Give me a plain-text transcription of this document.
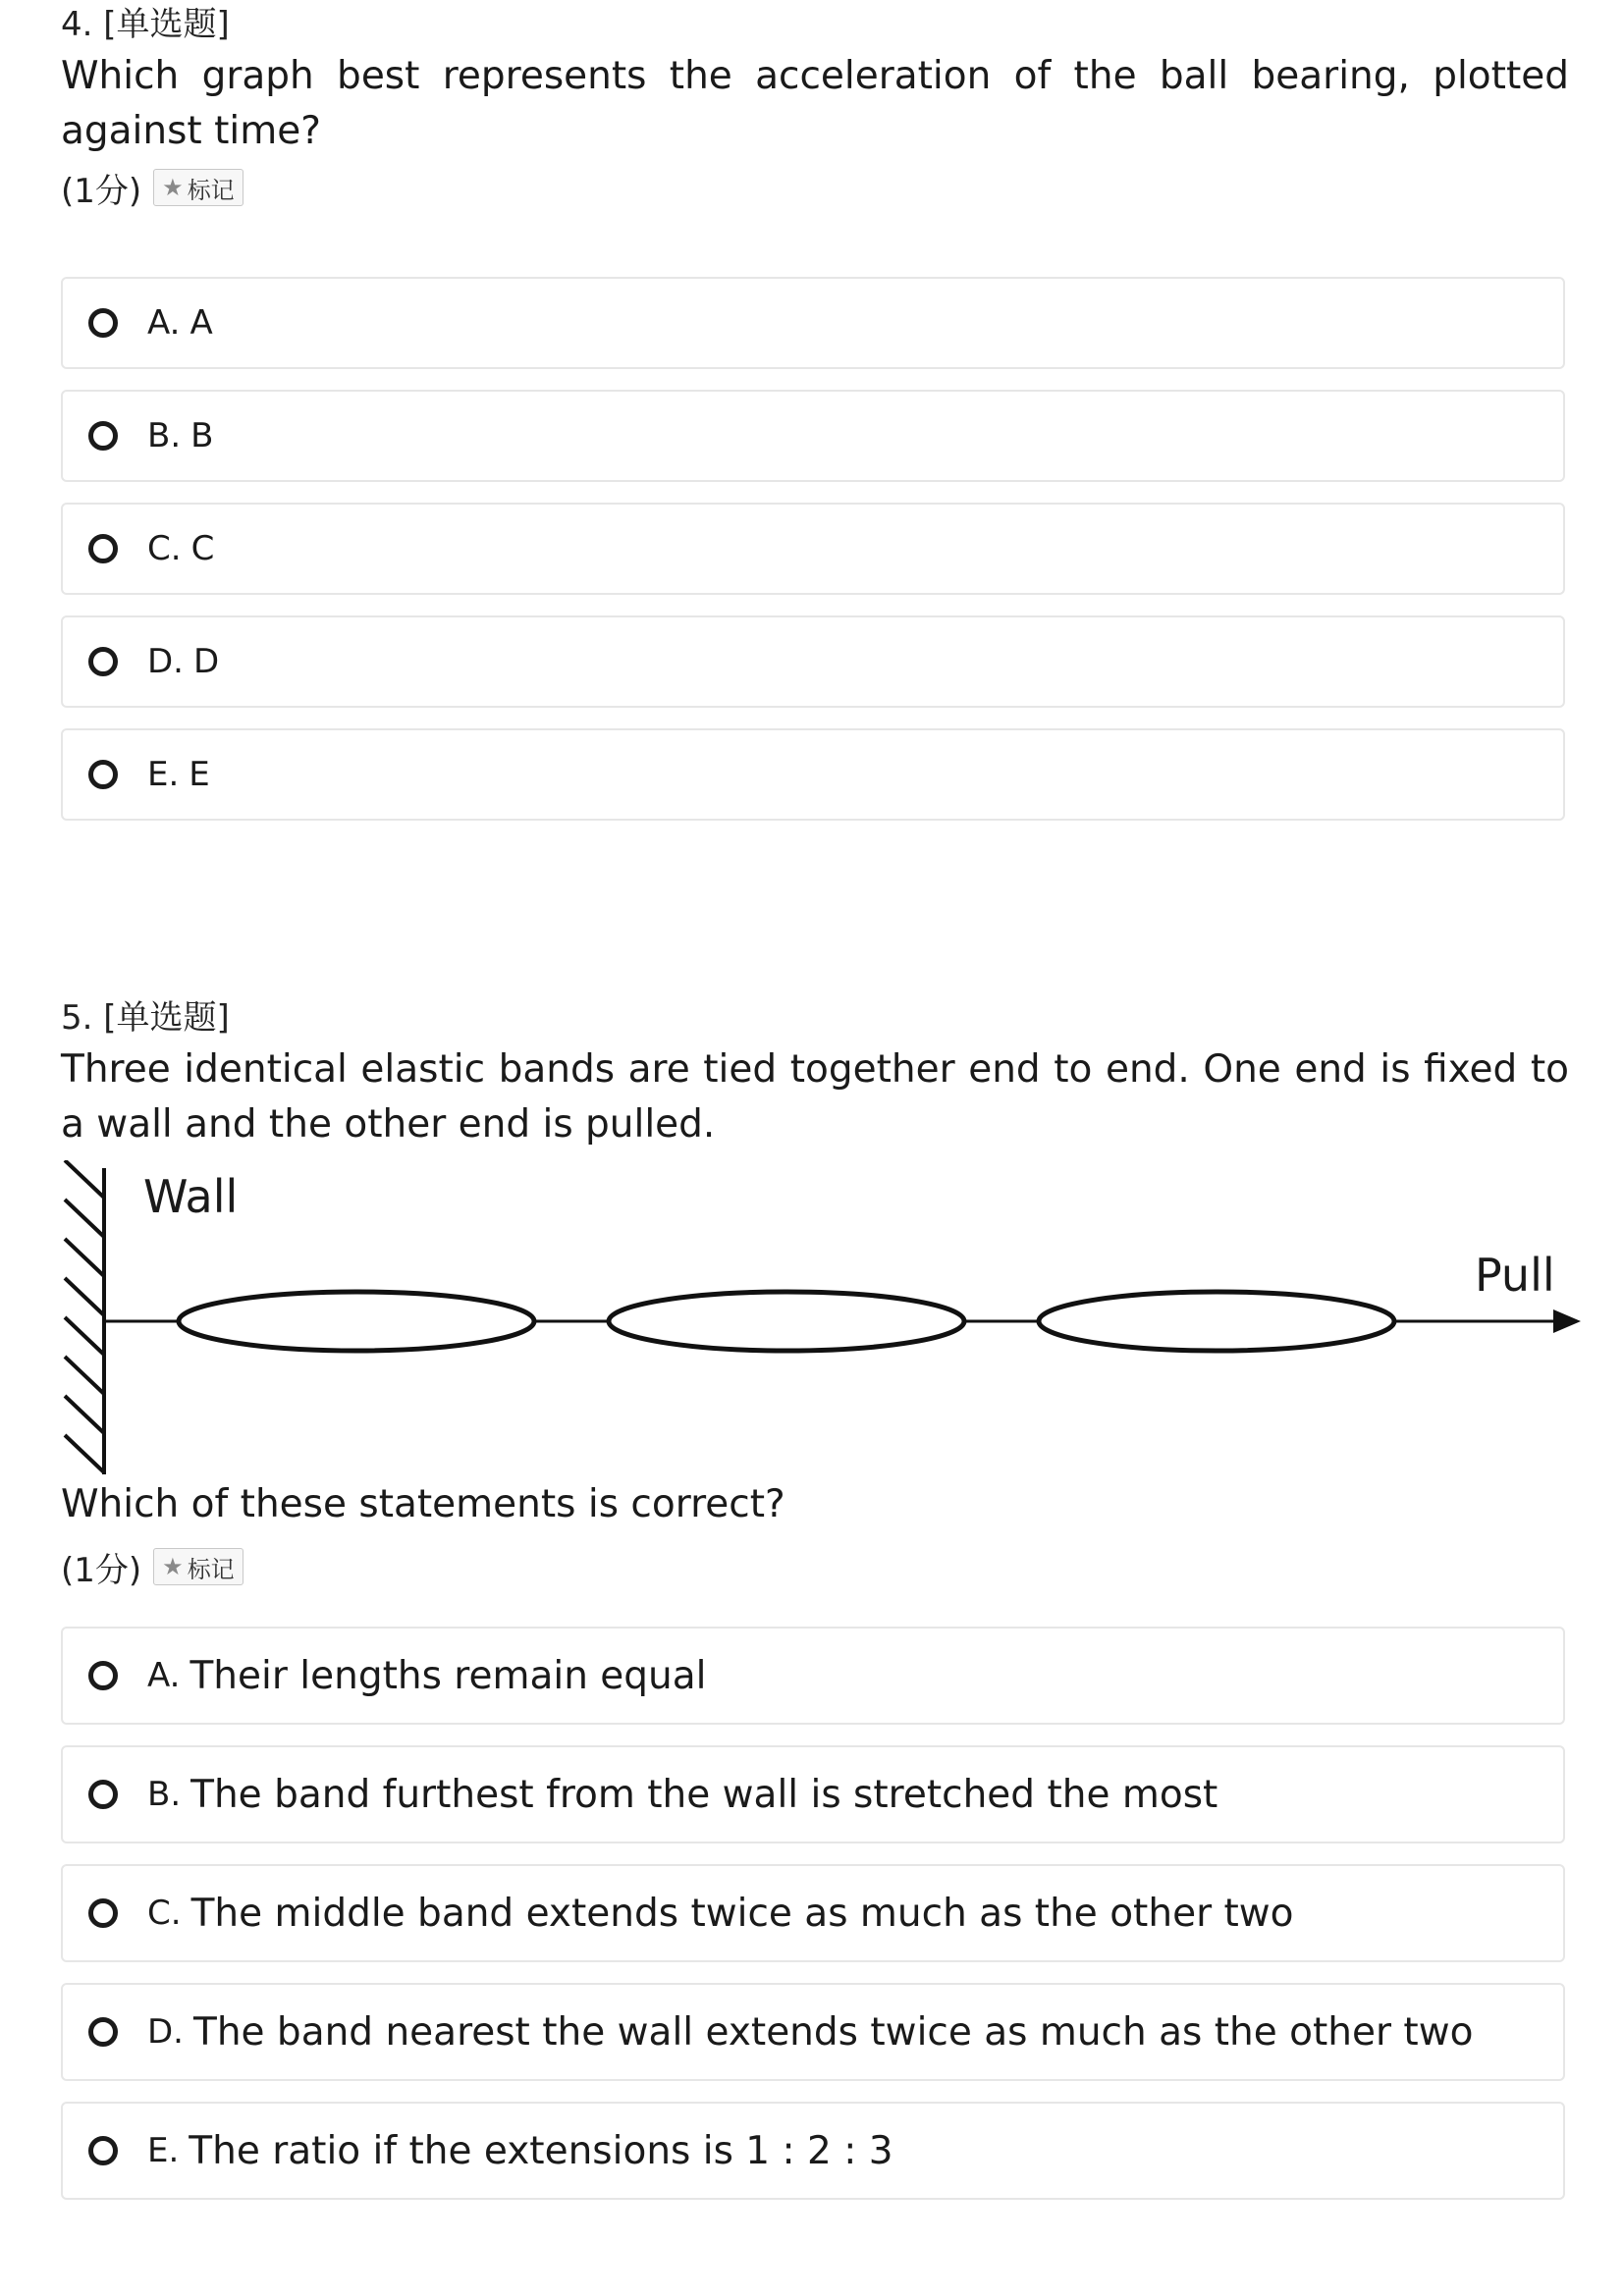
4. [单选题]
Which graph best represents the acceleration of the ball bearing, plotted against time?
(1分) ★ 标记
A. A
B. B
C. C
D. D
E. E
5. [单选题]
Three identical elastic bands are tied together end to end. One end is fixed to a wall and the other end is pulled.
Wall
Pull
Which of these statements is correct?
(1分) ★ 标记
A. Their lengths remain equal
B. The band furthest from the wall is stretched the most
C. The middle band extends twice as much as the other two
D. The band nearest the wall extends twice as much as the other two
E. The ratio if the extensions is 1 : 2 : 3
